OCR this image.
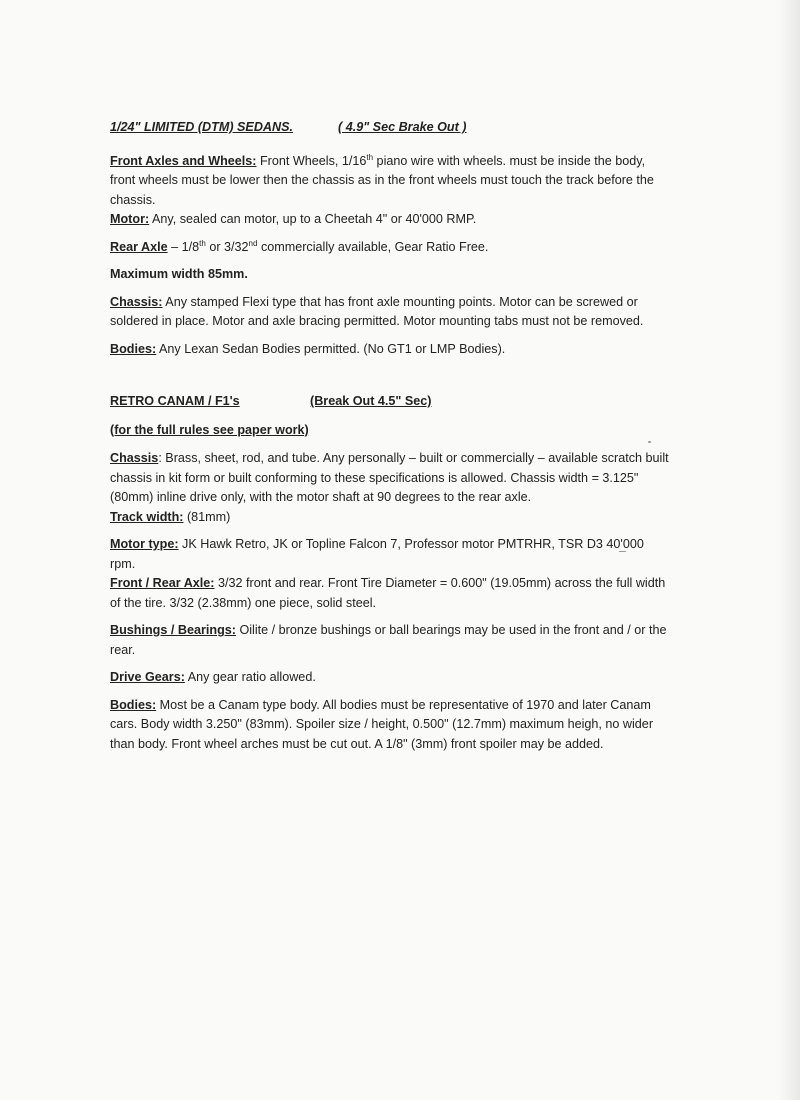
1/24" LIMITED (DTM) SEDANS.	( 4.9" Sec Brake Out )

Front Axles and Wheels: Front Wheels, 1/16th piano wire with wheels. must be inside the body, front wheels must be lower then the chassis as in the front wheels must touch the track before the chassis.

Motor: Any, sealed can motor, up to a Cheetah 4" or 40'000 RMP.

Rear Axle – 1/8th or 3/32nd commercially available, Gear Ratio Free.

Maximum width 85mm.

Chassis: Any stamped Flexi type that has front axle mounting points. Motor can be screwed or soldered in place. Motor and axle bracing permitted. Motor mounting tabs must not be removed.

Bodies: Any Lexan Sedan Bodies permitted. (No GT1 or LMP Bodies).

RETRO CANAM / F1's	(Break Out 4.5" Sec)
(for the full rules see paper work)

Chassis: Brass, sheet, rod, and tube. Any personally – built or commercially – available scratch built chassis in kit form or built conforming to these specifications is allowed. Chassis width = 3.125" (80mm) inline drive only, with the motor shaft at 90 degrees to the rear axle.

Track width: (81mm)

Motor type: JK Hawk Retro, JK or Topline Falcon 7, Professor motor PMTRHR, TSR D3 40'000 rpm.

Front / Rear Axle: 3/32 front and rear. Front Tire Diameter = 0.600" (19.05mm) across the full width of the tire. 3/32 (2.38mm) one piece, solid steel.

Bushings / Bearings: Oilite / bronze bushings or ball bearings may be used in the front and / or the rear.

Drive Gears: Any gear ratio allowed.

Bodies: Most be a Canam type body. All bodies must be representative of 1970 and later Canam cars. Body width 3.250" (83mm). Spoiler size / height, 0.500" (12.7mm) maximum heigh, no wider than body. Front wheel arches must be cut out. A 1/8" (3mm) front spoiler may be added.
